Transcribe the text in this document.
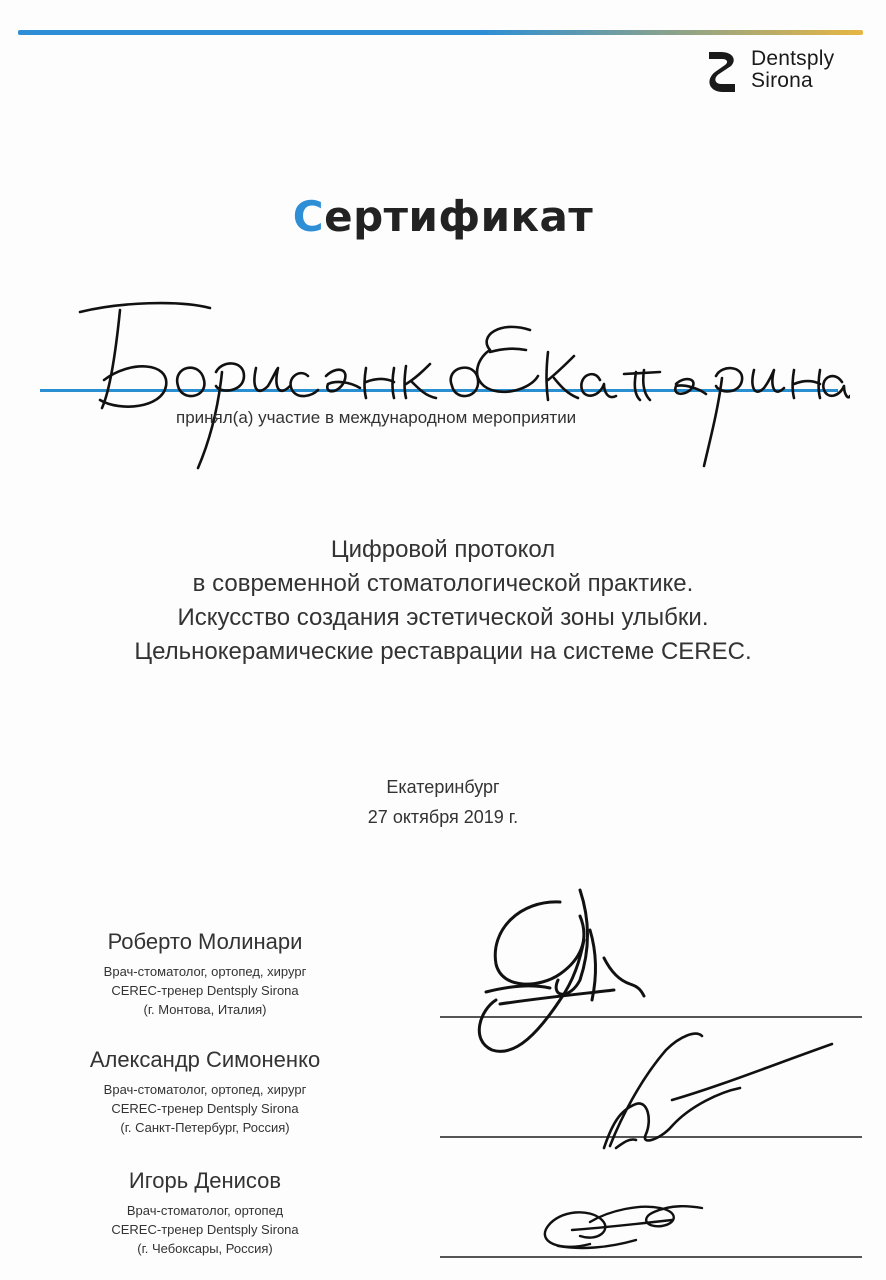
Dentsply
Sirona
Сертификат
принял(а) участие в международном мероприятии
Цифровой протокол
в современной стоматологической практике.
Искусство создания эстетической зоны улыбки.
Цельнокерамические реставрации на системе CEREC.
Екатеринбург
27 октября 2019 г.
Роберто Молинари
Врач-стоматолог, ортопед, хирург
CEREC-тренер Dentsply Sirona
(г. Монтова, Италия)
Александр Симоненко
Врач-стоматолог, ортопед, хирург
CEREC-тренер Dentsply Sirona
(г. Санкт-Петербург, Россия)
Игорь Денисов
Врач-стоматолог, ортопед
CEREC-тренер Dentsply Sirona
(г. Чебоксары, Россия)
